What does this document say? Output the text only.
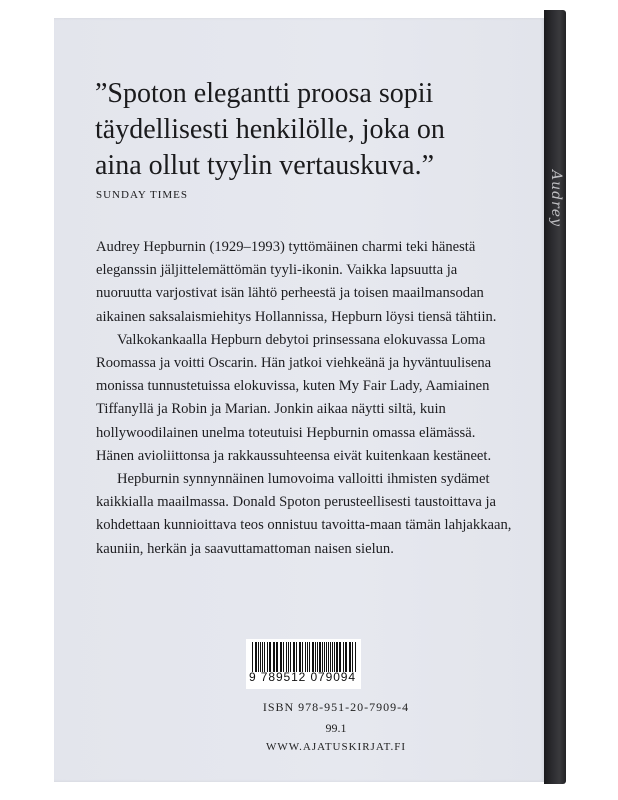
Audrey
”Spoton elegantti proosa sopii
täydellisesti henkilölle, joka on
aina ollut tyylin vertauskuva.”
SUNDAY TIMES

Audrey Hepburnin (1929–1993) tyttömäinen charmi teki hänestä eleganssin jäljittelemättömän tyyli-ikonin. Vaikka lapsuutta ja nuoruutta varjostivat isän lähtö perheestä ja toisen maailmansodan aikainen saksalaismiehitys Hollannissa, Hepburn löysi tiensä tähtiin.

Valkokankaalla Hepburn debytoi prinsessana elokuvassa Loma Roomassa ja voitti Oscarin. Hän jatkoi viehkeänä ja hyväntuulisena monissa tunnustetuissa elokuvissa, kuten My Fair Lady, Aamiainen Tiffanyllä ja Robin ja Marian. Jonkin aikaa näytti siltä, kuin hollywoodilainen unelma toteutuisi Hepburnin omassa elämässä. Hänen avioliittonsa ja rakkaussuhteensa eivät kuitenkaan kestäneet.

Hepburnin synnynnäinen lumovoima valloitti ihmisten sydämet kaikkialla maailmassa. Donald Spoton perusteellisesti taustoittava ja kohdettaan kunnioittava teos onnistuu tavoitta-maan tämän lahjakkaan, kauniin, herkän ja saavuttamattoman naisen sielun.

9 789512 079094
ISBN 978-951-20-7909-4
99.1
WWW.AJATUSKIRJAT.FI
